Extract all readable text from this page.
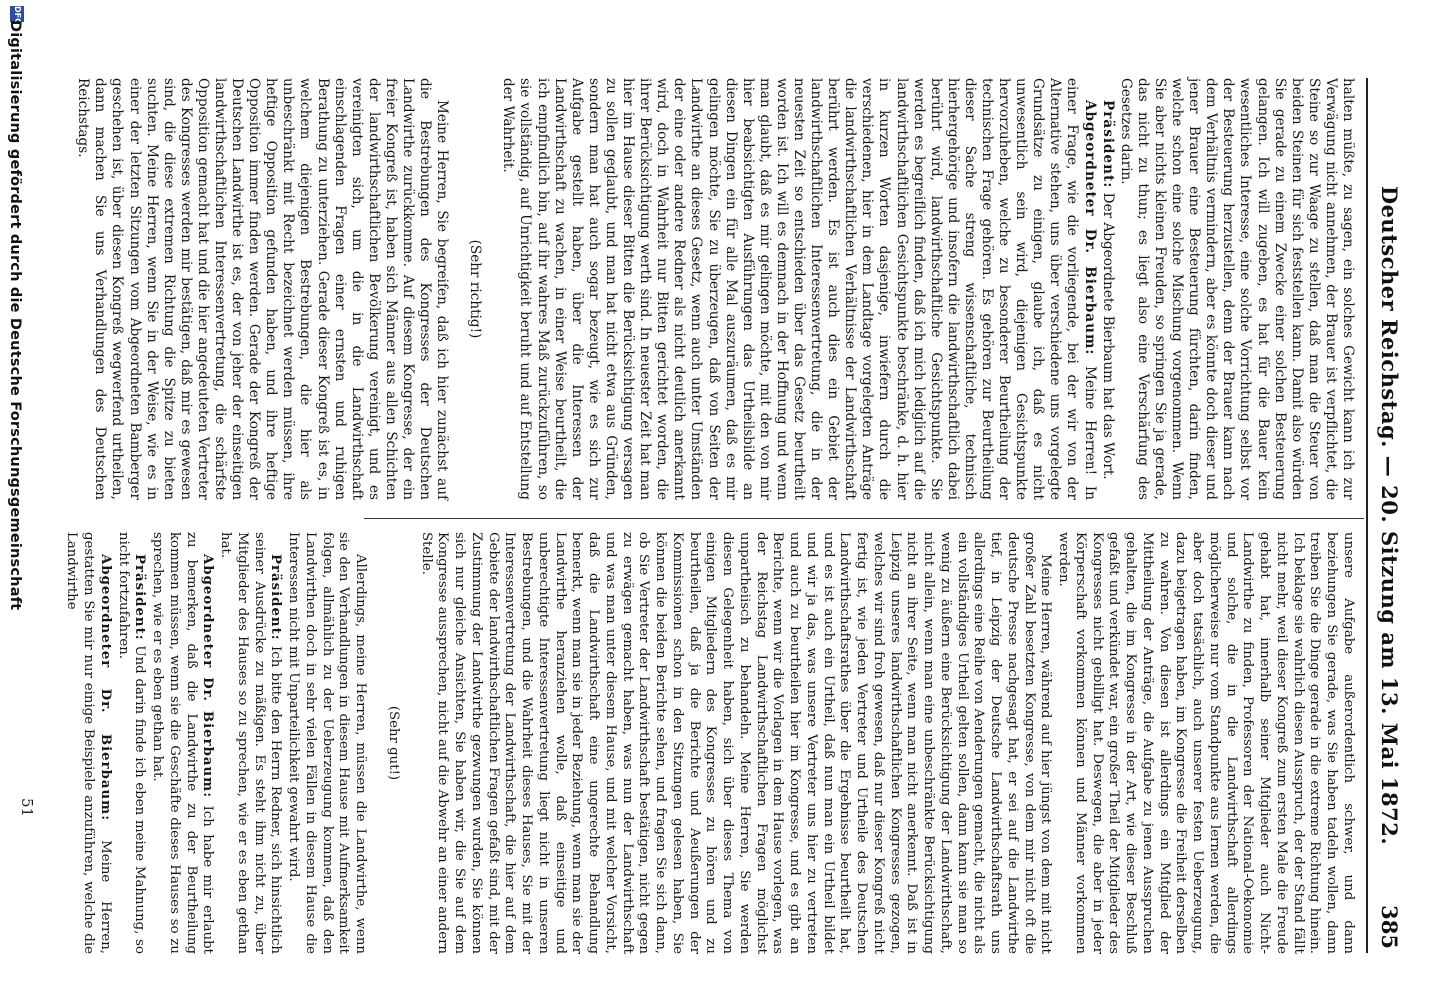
Deutscher Reichstag. — 20. Sitzung am 13. Mai 1872.
385

halten müßte, zu sagen, ein solches Gewicht kann ich zur Verwägung nicht annehmen, der Brauer ist verpflichtet, die Steine so zur Waage zu stellen, daß man die Steuer von beiden Steinen für sich feststellen kann. Damit also würden Sie gerade zu einem Zwecke einer solchen Besteuerung gelangen. Ich will zugeben, es hat für die Bauer kein wesentliches Interesse, eine solche Vorrichtung selbst vor der Besteuerung herzustellen, denn der Brauer kann nach dem Verhältnis vermindern, aber es könnte doch dieser und jener Brauer eine Besteuerung fürchten, darin finden, welche schon eine solche Mischung vorgenommen. Wenn Sie aber nichts kleinen Freuden, so springen Sie ja gerade, das nicht zu thun; es liegt also eine Verschärfung des Gesetzes darin.

Präsident: Der Abgeordnete Bierbaum hat das Wort.

Abgeordneter Dr. Bierbaum: Meine Herren! In einer Frage, wie die vorliegende, bei der wir von der Alternative stehen, uns über verschiedene uns vorgelegte Grundsätze zu einigen, glaube ich, daß es nicht unwesentlich sein wird, diejenigen Gesichtspunkte hervorzuheben, welche zu besonderer Beurtheilung der technischen Frage gehören. Es gehören zur Beurtheilung dieser Sache streng wissenschaftliche, technisch hierhergehörige und insofern die landwirthschaftlich dabei berührt wird, landwirthschaftliche Gesichtspunkte. Sie werden es begreiflich finden, daß ich mich lediglich auf die landwirthschaftlichen Gesichtspunkte beschränke, d. h. hier in kurzen Worten dasjenige, inwiefern durch die verschiedenen, hier in dem Landtage vorgelegten Anträge die landwirthschaftlichen Verhältnisse der Landwirthschaft berührt werden. Es ist auch dies ein Gebiet der landwirthschaftlichen Interessenvertretung, die in der neuesten Zeit so entschieden über das Gesetz beurtheilt worden ist. Ich will es demnach in der Hoffnung und wenn man glaubt, daß es mir gelingen möchte, mit den von mir hier beabsichtigten Ausführungen das Urtheilsbilde an diesen Dingen ein für alle Mal auszuräumen, daß es mir gelingen möchte, Sie zu überzeugen, daß von Seiten der Landwirthe an dieses Gesetz, wenn auch unter Umständen der eine oder andere Redner als nicht deutlich anerkannt wird, doch in Wahrheit nur Bitten gerichtet worden, die ihrer Berücksichtigung werth sind. In neuester Zeit hat man hier im Hause dieser Bitten die Berücksichtigung versagen zu sollen geglaubt, und man hat nicht etwa aus Gründen, sondern man hat auch sogar bezeugt, wie es sich zur Aufgabe gestellt haben, über die Interessen der Landwirthschaft zu wachen, in einer Weise beurtheilt, die ich empfindlich bin, auf ihr wahres Maß zurückzuführen, so sie vollständig, auf Unrichtigkeit beruht und auf Entstellung der Wahrheit.

(Sehr richtig!)

Meine Herren, Sie begreifen, daß ich hier zunächst auf die Bestrebungen des Kongresses der Deutschen Landwirthe zurückkomme. Auf diesem Kongresse, der ein freier Kongreß ist, haben sich Männer aus allen Schichten der landwirthschaftlichen Bevölkerung vereinigt, und es vereinigten sich, um die in die Landwirthschaft einschlagenden Fragen einer ernsten und ruhigen Berathung zu unterziehen. Gerade dieser Kongreß ist es, in welchem diejenigen Bestrebungen, die hier als unbeschränkt mit Recht bezeichnet werden müssen, ihre heftige Opposition gefunden haben, und ihre heftige Opposition immer finden werden. Gerade der Kongreß der Deutschen Landwirthe ist es, der von jeher der einseitigen landwirthschaftlichen Interessenvertretung, die schärfste Opposition gemacht hat und die hier angedeuteten Vertreter des Kongresses werden mir bestätigen, daß mir es gewesen sind, die diese extremen Richtung die Spitze zu bieten suchten. Meine Herren, wenn Sie in der Weise, wie es in einer der letzten Sitzungen vom Abgeordneten Bamberger geschehen ist, über diesen Kongreß wegwerfend urtheilen, dann machen Sie uns Verhandlungen des Deutschen Reichstags.

unsere Aufgabe außerordentlich schwer, und dann beziehungen Sie gerade, was Sie haben tadeln wollen, dann treiben Sie die Dinge gerade in die extreme Richtung hinein. Ich beklage sie wahrlich diesen Ausspruch, der der Stand fällt nicht mehr, weil dieser Kongreß zum ersten Male die Freude gehabt hat, innerhalb seiner Mitglieder auch Nicht-Landwirthe zu finden, Professoren der National-Oekonomie und solche, die in die Landwirthschaft allerdings möglicherweise nur vom Standpunkte aus lernen werden, die aber doch tatsächlich, auch unserer festen Ueberzeugung, dazu beigetragen haben, im Kongresse die Freiheit derselben zu wahren. Von diesen ist allerdings ein Mitglied der Mittheilung der Anträge, die Aufgabe zu jenen Ausspruchen gehalten, die im Kongresse in der Art, wie dieser Beschluß gefaßt und verkündet war, ein großer Theil der Mitglieder des Kongresses nicht gebilligt hat. Deswegen, die aber in jeder Körperschaft vorkommen können und Männer vorkommen werden.

Meine Herren, während auf hier jüngst von dem mit nicht großer Zahl besetzten Kongresse, von dem mir nicht oft die deutsche Presse nachgesagt hat, er sei auf die Landwirthe tief, in Leipzig der Deutsche Landwirthschaftsrath uns allerdings eine Reihe von Aenderungen gemacht, die nicht als ein vollständiges Urtheil gelten sollen, dann kann sie man so wenig zu äußern eine Berücksichtigung der Landwirthschaft, nicht allein, wenn man eine unbeschränkte Berücksichtigung nicht an ihrer Seite, wenn man nicht anerkennt. Daß ist in Leipzig unseres landwirthschaftlichen Kongresses gezogen, welches wir sind froh gewesen, daß nur dieser Kongreß nicht fertig ist, wie jeden Vertreter und Urtheile des Deutschen Landwirthschaftsrathes über die Ergebnisse beurtheilt hat, und es ist auch ein Urtheil, daß nun man ein Urtheil bildet und wir ja das, was unsere Vertreter uns hier zu vertreten und auch zu beurtheilen hier im Kongresse, und es gibt an Berichte, wenn wir die Vorlagen in dem Hause vorlegen, was der Reichstag Landwirthschaftlichen Fragen möglichst unpartheiisch zu behandeln. Meine Herren, Sie werden diesen Gelegenheit haben, sich über dieses Thema von einigen Mitgliedern des Kongresses zu hören und zu beurtheilen, daß ja die Berichte und Aeußerungen der Kommissionen schon in den Sitzungen gelesen haben, Sie können die beiden Berichte sehen, und fragen Sie sich dann, ob Sie Vertreter der Landwirthschaft bestätigen, nicht gegen zu erwägen gemacht haben, was nun der Landwirthschaft und was man unter diesem Hause, und mit welcher Vorsicht, daß die Landwirthschaft eine ungerechte Behandlung bemerkt, wenn man sie in jeder Beziehung, wenn man sie der Landwirthe heranziehen wolle, daß einseitige und unberechtigte Interessenvertretung liegt nicht in unseren Bestrebungen, und die Wahrheit dieses Hauses, Sie mit der Interessenvertretung der Landwirthschaft, die hier auf dem Gebiete der landwirthschaftlichen Fragen gefaßt sind, mit der Zustimmung der Landwirthe gezwungen wurden, Sie können sich nur gleiche Ansichten, Sie haben wir, die Sie auf dem Kongresse aussprechen, nicht auf die Abwehr an einer andern Stelle.

(Sehr gut!)

Allerdings, meine Herren, müssen die Landwirthe, wenn sie den Verhandlungen in diesem Hause mit Aufmerksamkeit folgen, allmählich zu der Ueberzeugung kommen, daß den Landwirthen doch in sehr vielen Fällen in diesem Hause die Interessen nicht mit Unparteilichkeit gewahrt wird.

Präsident: Ich bitte den Herrn Redner, sich hinsichtlich seiner Ausdrücke zu mäßigen. Es steht ihm nicht zu, über Mitglieder des Hauses so zu sprechen, wie er es eben gethan hat.

Abgeordneter Dr. Bierbaum: Ich habe mir erlaubt zu bemerken, daß die Landwirthe zu der Beurtheilung kommen müssen, wenn sie die Geschäfte dieses Hauses so zu sprechen, wie er es eben gethan hat.

Präsident: Und darin finde ich eben meine Mahnung, so nicht fortzufahren.

Abgeordneter Dr. Bierbaum: Meine Herren, gestatten Sie mir nur einige Beispiele anzuführen, welche die Landwirthe

51
DFG
Digitalisierung gefördert durch die Deutsche Forschungsgemeinschaft
